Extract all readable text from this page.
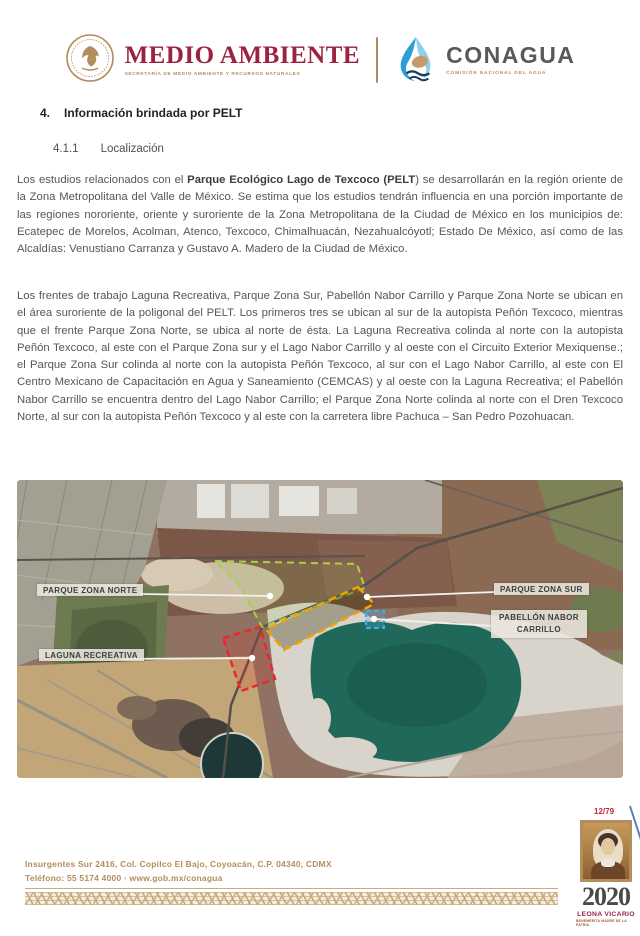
MEDIO AMBIENTE
SECRETARÍA DE MEDIO AMBIENTE Y RECURSOS NATURALES
CONAGUA
COMISIÓN NACIONAL DEL AGUA
4. Información brindada por PELT
4.1.1 Localización

Los estudios relacionados con el Parque Ecológico Lago de Texcoco (PELT) se desarrollarán en la región oriente de la Zona Metropolitana del Valle de México. Se estima que los estudios tendrán influencia en una porción importante de las regiones nororiente, oriente y suroriente de la Zona Metropolitana de la Ciudad de México en los municipios de: Ecatepec de Morelos, Acolman, Atenco, Texcoco, Chimalhuacán, Nezahualcóyotl; Estado De México, así como de las Alcaldías: Venustiano Carranza y Gustavo A. Madero de la Ciudad de México.

Los frentes de trabajo Laguna Recreativa, Parque Zona Sur, Pabellón Nabor Carrillo y Parque Zona Norte se ubican en el área suroriente de la poligonal del PELT. Los primeros tres se ubican al sur de la autopista Peñón Texcoco, mientras que el frente Parque Zona Norte, se ubica al norte de ésta. La Laguna Recreativa colinda al norte con la autopista Peñón Texcoco, al este con el Parque Zona sur y el Lago Nabor Carrillo y al oeste con el Circuito Exterior Mexiquense.; el Parque Zona Sur colinda al norte con la autopista Peñón Texcoco, al sur con el Lago Nabor Carrillo, al este con El Centro Mexicano de Capacitación en Agua y Saneamiento (CEMCAS) y al oeste con la Laguna Recreativa; el Pabellón Nabor Carrillo se encuentra dentro del Lago Nabor Carrillo; el Parque Zona Norte colinda al norte con el Dren Texcoco Norte, al sur con la autopista Peñón Texcoco y al este con la carretera libre Pachuca – San Pedro Pozohuacan.

PARQUE ZONA NORTE	PARQUE ZONA SUR
PABELLÓN NABOR
CARRILLO
LAGUNA RECREATIVA
12/79
Insurgentes Sur 2416, Col. Copilco El Bajo, Coyoacán, C.P. 04340, CDMX
Teléfono: 55 5174 4000 · www.gob.mx/conagua
2020
LEONA VICARIO
BENEMÉRITA MADRE DE LA PATRIA
